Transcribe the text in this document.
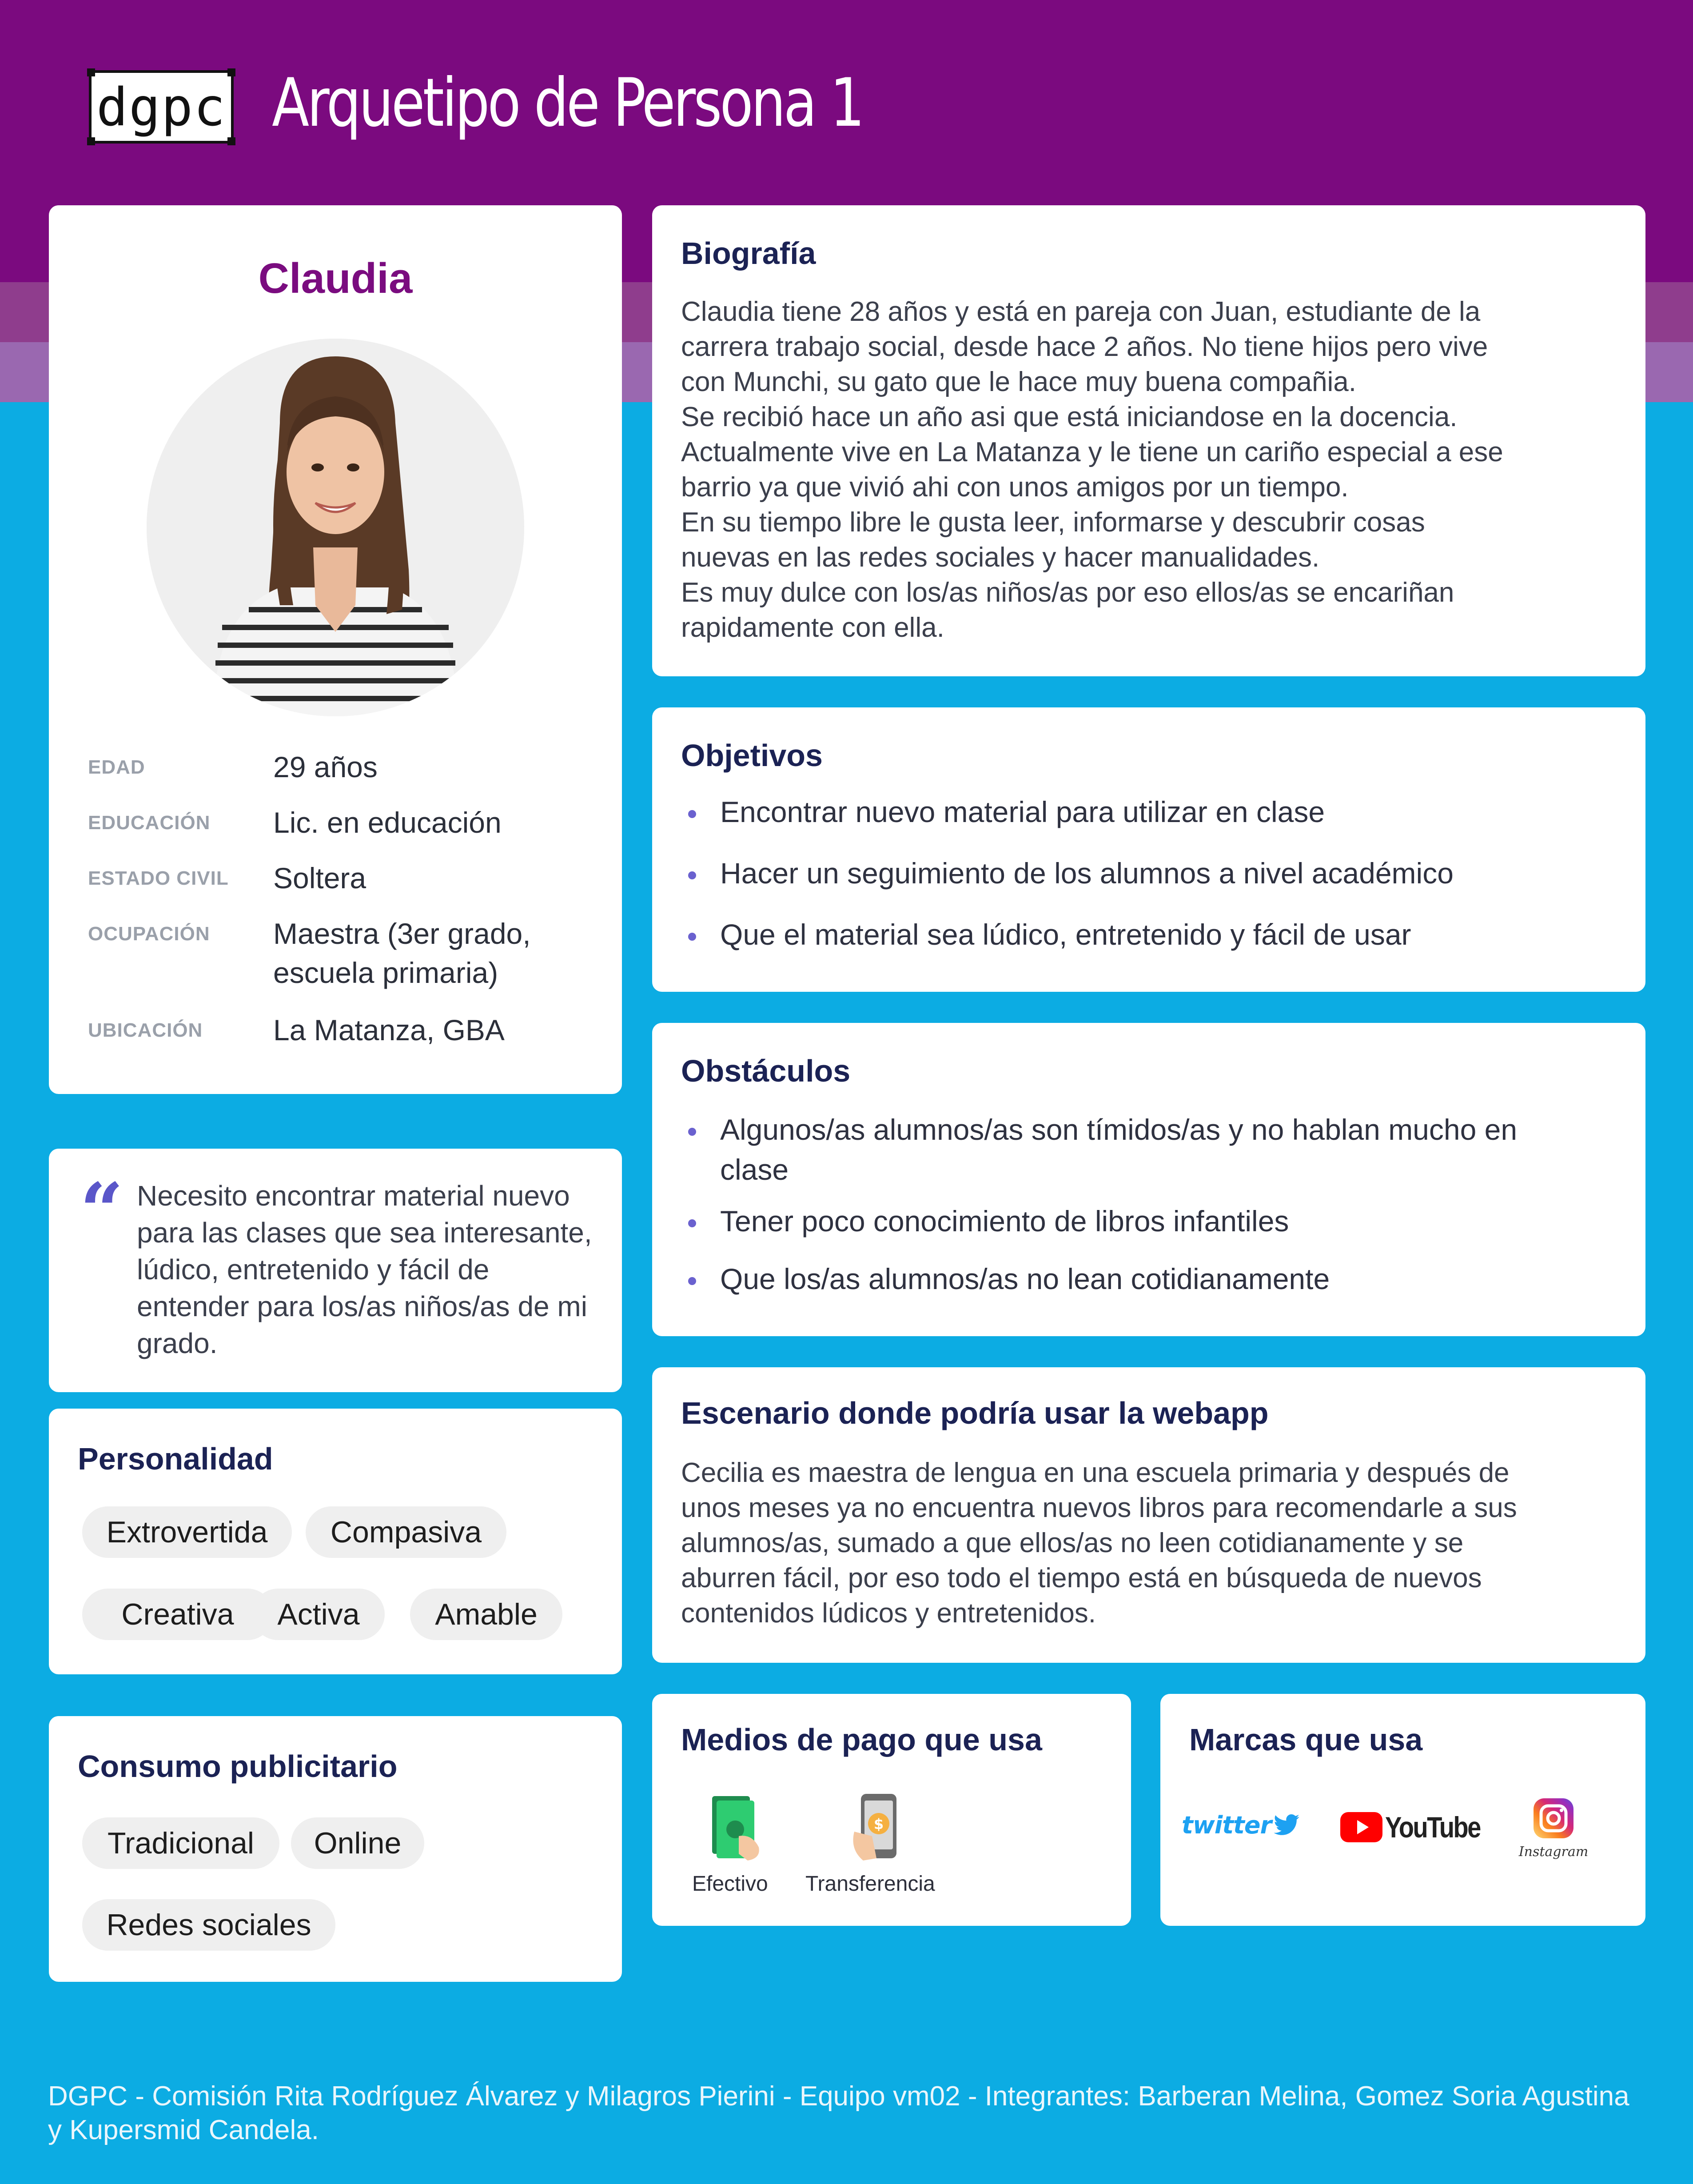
dgpc Arquetipo de Persona 1
Claudia
EDAD	29 años
EDUCACIÓN Lic. en educación
ESTADO CIVIL Soltera
OCUPACIÓN Maestra (3er grado, escuela primaria)
UBICACIÓN La Matanza, GBA
“ Necesito encontrar material nuevo para las clases que sea interesante, lúdico, entretenido y fácil de entender para los/as niños/as de mi grado.
Personalidad
Extrovertida	Compasiva
Creativa	Activa	Amable
Consumo publicitario
Tradicional	Online
Redes sociales
Biografía
Claudia tiene 28 años y está en pareja con Juan, estudiante de la
carrera trabajo social, desde hace 2 años. No tiene hijos pero vive
con Munchi, su gato que le hace muy buena compañia.
Se recibió hace un año asi que está iniciandose en la docencia.
Actualmente vive en La Matanza y le tiene un cariño especial a ese
barrio ya que vivió ahi con unos amigos por un tiempo.
En su tiempo libre le gusta leer, informarse y descubrir cosas
nuevas en las redes sociales y hacer manualidades.
Es muy dulce con los/as niños/as por eso ellos/as se encariñan
rapidamente con ella.
Objetivos
Encontrar nuevo material para utilizar en clase
Hacer un seguimiento de los alumnos a nivel académico
Que el material sea lúdico, entretenido y fácil de usar
Obstáculos
Algunos/as alumnos/as son tímidos/as y no hablan mucho en clase
Tener poco conocimiento de libros infantiles
Que los/as alumnos/as no lean cotidianamente
Escenario donde podría usar la webapp
Cecilia es maestra de lengua en una escuela primaria y después de
unos meses ya no encuentra nuevos libros para recomendarle a sus
alumnos/as, sumado a que ellos/as no leen cotidianamente y se
aburren fácil, por eso todo el tiempo está en búsqueda de nuevos
contenidos lúdicos y entretenidos.
Medios de pago que usa
Efectivo
$
Transferencia
Marcas que usa
twitter	YouTube
Instagram
DGPC - Comisión Rita Rodríguez Álvarez y Milagros Pierini - Equipo vm02 - Integrantes: Barberan Melina, Gomez Soria Agustina y Kupersmid Candela.
